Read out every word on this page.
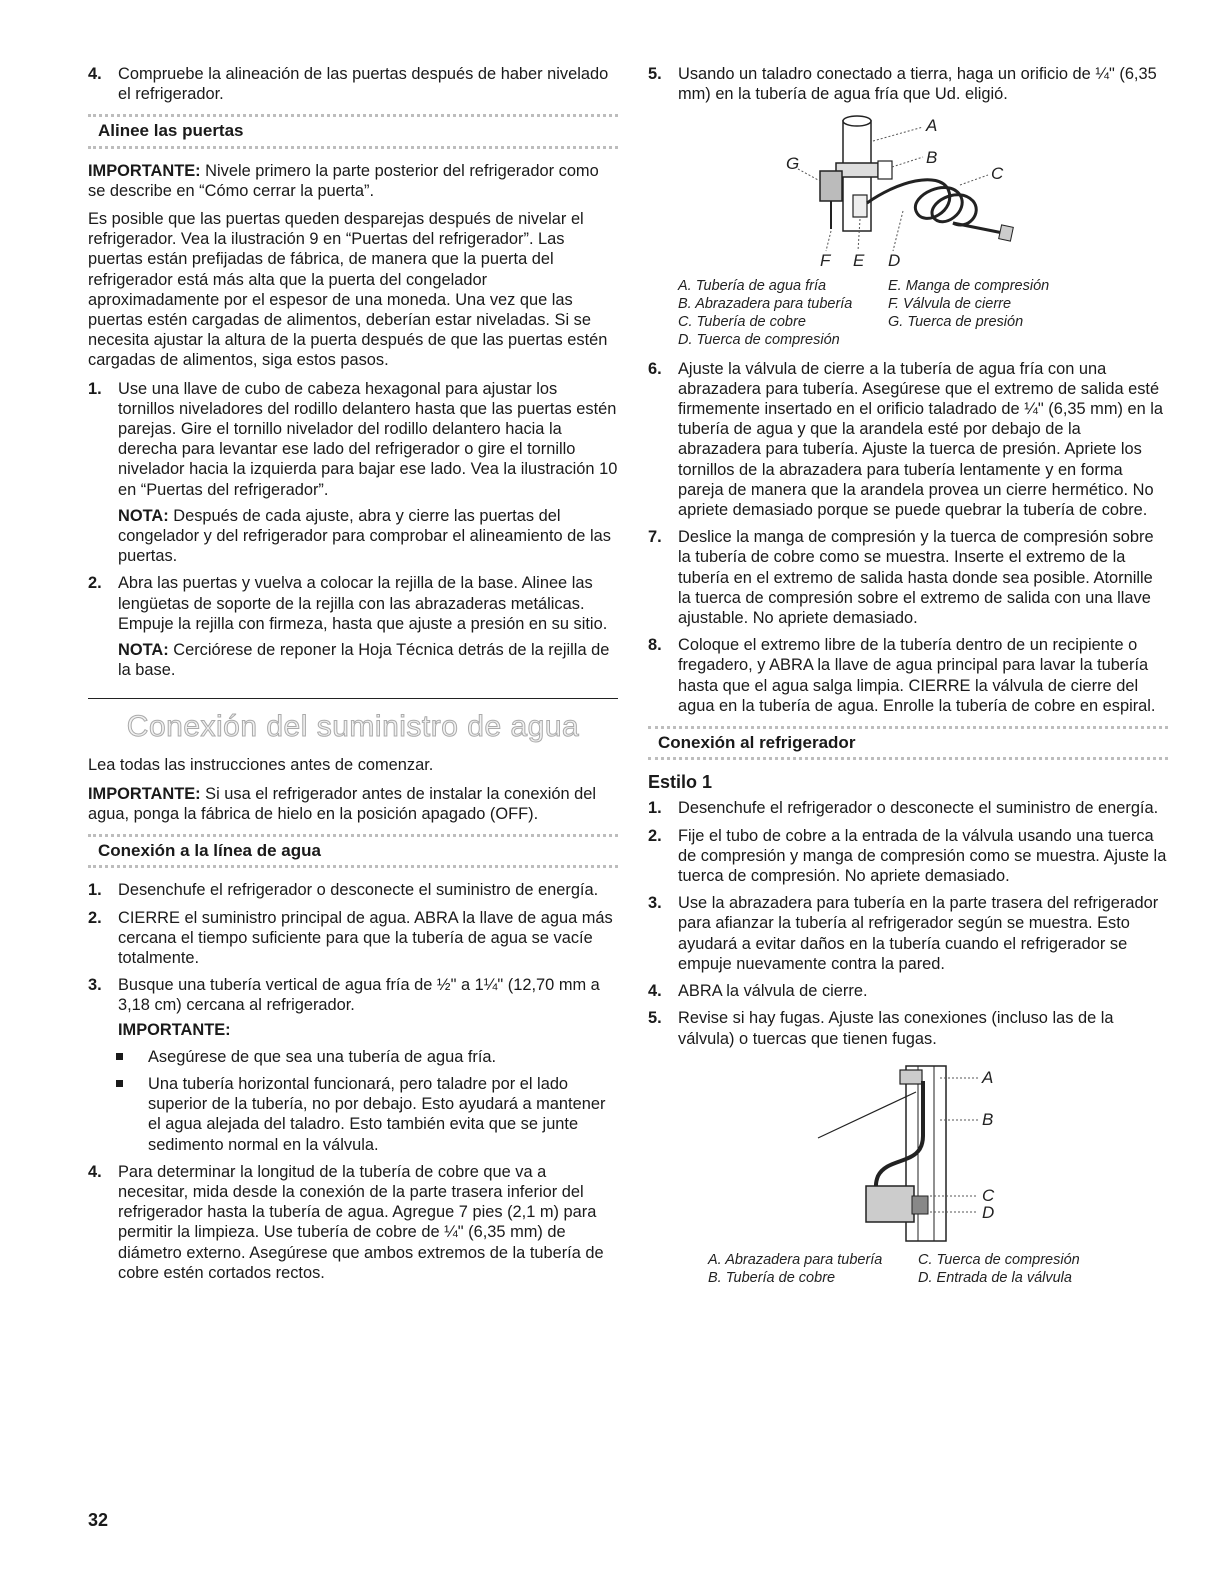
4. Compruebe la alineación de las puertas después de haber nivelado el refrigerador.
Alinee las puertas

IMPORTANTE: Nivele primero la parte posterior del refrigerador como se describe en “Cómo cerrar la puerta”.

Es posible que las puertas queden desparejas después de nivelar el refrigerador. Vea la ilustración 9 en “Puertas del refrigerador”. Las puertas están prefijadas de fábrica, de manera que la puerta del refrigerador está más alta que la puerta del congelador aproximadamente por el espesor de una moneda. Una vez que las puertas estén cargadas de alimentos, deberían estar niveladas. Si se necesita ajustar la altura de la puerta después de que las puertas estén cargadas de alimentos, siga estos pasos.

1. Use una llave de cubo de cabeza hexagonal para ajustar los tornillos niveladores del rodillo delantero hasta que las puertas estén parejas. Gire el tornillo nivelador del rodillo delantero hacia la derecha para levantar ese lado del refrigerador o gire el tornillo nivelador hacia la izquierda para bajar ese lado. Vea la ilustración 10 en “Puertas del refrigerador”.
NOTA: Después de cada ajuste, abra y cierre las puertas del congelador y del refrigerador para comprobar el alineamiento de las puertas.
2. Abra las puertas y vuelva a colocar la rejilla de la base. Alinee las lengüetas de soporte de la rejilla con las abrazaderas metálicas. Empuje la rejilla con firmeza, hasta que ajuste a presión en su sitio.
NOTA: Cerciórese de reponer la Hoja Técnica detrás de la rejilla de la base.
Conexión del suministro de agua

Lea todas las instrucciones antes de comenzar.

IMPORTANTE: Si usa el refrigerador antes de instalar la conexión del agua, ponga la fábrica de hielo en la posición apagado (OFF).

Conexión a la línea de agua
1. Desenchufe el refrigerador o desconecte el suministro de energía.
2. CIERRE el suministro principal de agua. ABRA la llave de agua más cercana el tiempo suficiente para que la tubería de agua se vacíe totalmente.
3. Busque una tubería vertical de agua fría de ½" a 1¼" (12,70 mm a 3,18 cm) cercana al refrigerador.
IMPORTANTE:
Asegúrese de que sea una tubería de agua fría.
Una tubería horizontal funcionará, pero taladre por el lado superior de la tubería, no por debajo. Esto ayudará a mantener el agua alejada del taladro. Esto también evita que se junte sedimento normal en la válvula.
4. Para determinar la longitud de la tubería de cobre que va a necesitar, mida desde la conexión de la parte trasera inferior del refrigerador hasta la tubería de agua. Agregue 7 pies (2,1 m) para permitir la limpieza. Use tubería de cobre de ¼" (6,35 mm) de diámetro externo. Asegúrese que ambos extremos de la tubería de cobre estén cortados rectos.
5. Usando un taladro conectado a tierra, haga un orificio de ¼" (6,35 mm) en la tubería de agua fría que Ud. eligió.
A
B
C
G
F E D
A. Tubería de agua fría	E. Manga de compresión
B. Abrazadera para tubería	F. Válvula de cierre
C. Tubería de cobre	G. Tuerca de presión
D. Tuerca de compresión
6. Ajuste la válvula de cierre a la tubería de agua fría con una abrazadera para tubería. Asegúrese que el extremo de salida esté firmemente insertado en el orificio taladrado de ¼" (6,35 mm) en la tubería de agua y que la arandela esté por debajo de la abrazadera para tubería. Ajuste la tuerca de presión. Apriete los tornillos de la abrazadera para tubería lentamente y en forma pareja de manera que la arandela provea un cierre hermético. No apriete demasiado porque se puede quebrar la tubería de cobre.
7. Deslice la manga de compresión y la tuerca de compresión sobre la tubería de cobre como se muestra. Inserte el extremo de la tubería en el extremo de salida hasta donde sea posible. Atornille la tuerca de compresión sobre el extremo de salida con una llave ajustable. No apriete demasiado.
8. Coloque el extremo libre de la tubería dentro de un recipiente o fregadero, y ABRA la llave de agua principal para lavar la tubería hasta que el agua salga limpia. CIERRE la válvula de cierre del agua en la tubería de agua. Enrolle la tubería de cobre en espiral.
Conexión al refrigerador
Estilo 1
1. Desenchufe el refrigerador o desconecte el suministro de energía.
2. Fije el tubo de cobre a la entrada de la válvula usando una tuerca de compresión y manga de compresión como se muestra. Ajuste la tuerca de compresión. No apriete demasiado.
3. Use la abrazadera para tubería en la parte trasera del refrigerador para afianzar la tubería al refrigerador según se muestra. Esto ayudará a evitar daños en la tubería cuando el refrigerador se empuje nuevamente contra la pared.
4. ABRA la válvula de cierre.
5. Revise si hay fugas. Ajuste las conexiones (incluso las de la válvula) o tuercas que tienen fugas.
A
B
C
D
A. Abrazadera para tubería	C. Tuerca de compresión
B. Tubería de cobre	D. Entrada de la válvula
32
